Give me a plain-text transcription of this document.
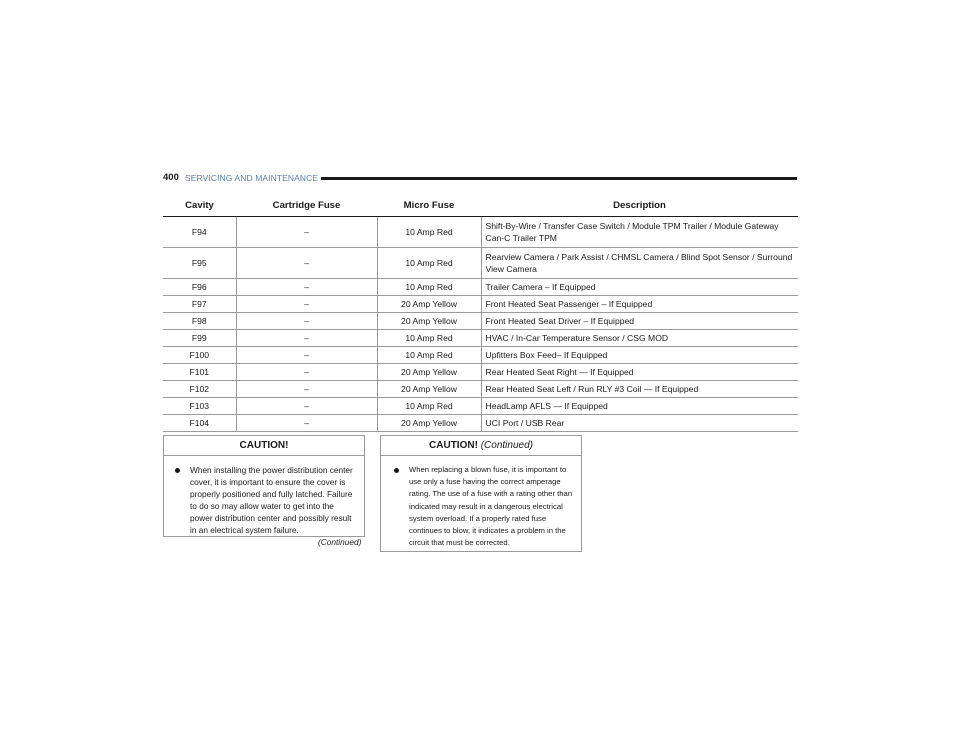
400 SERVICING AND MAINTENANCE
Cavity	Cartridge Fuse	Micro Fuse	Description
F94	–	10 Amp Red	Shift-By-Wire / Transfer Case Switch / Module TPM Trailer / Module Gateway Can-C Trailer TPM
F95	–	10 Amp Red	Rearview Camera / Park Assist / CHMSL Camera / Blind Spot Sensor / Surround View Camera
F96	–	10 Amp Red	Trailer Camera – If Equipped
F97	–	20 Amp Yellow	Front Heated Seat Passenger – If Equipped
F98	–	20 Amp Yellow	Front Heated Seat Driver – If Equipped
F99	–	10 Amp Red	HVAC / In-Car Temperature Sensor / CSG MOD
F100	–	10 Amp Red	Upfitters Box Feed– If Equipped
F101	–	20 Amp Yellow	Rear Heated Seat Right — If Equipped
F102	–	20 Amp Yellow	Rear Heated Seat Left / Run RLY #3 Coil — If Equipped
F103	–	10 Amp Red	HeadLamp AFLS — If Equipped
F104	–	20 Amp Yellow	UCI Port / USB Rear
CAUTION!
When installing the power distribution center cover, it is important to ensure the cover is properly positioned and fully latched. Failure to do so may allow water to get into the power distribution center and possibly result in an electrical system failure.
(Continued)
CAUTION! (Continued)
When replacing a blown fuse, it is important to use only a fuse having the correct amperage rating. The use of a fuse with a rating other than indicated may result in a dangerous electrical system overload. If a properly rated fuse continues to blow, it indicates a problem in the circuit that must be corrected.
